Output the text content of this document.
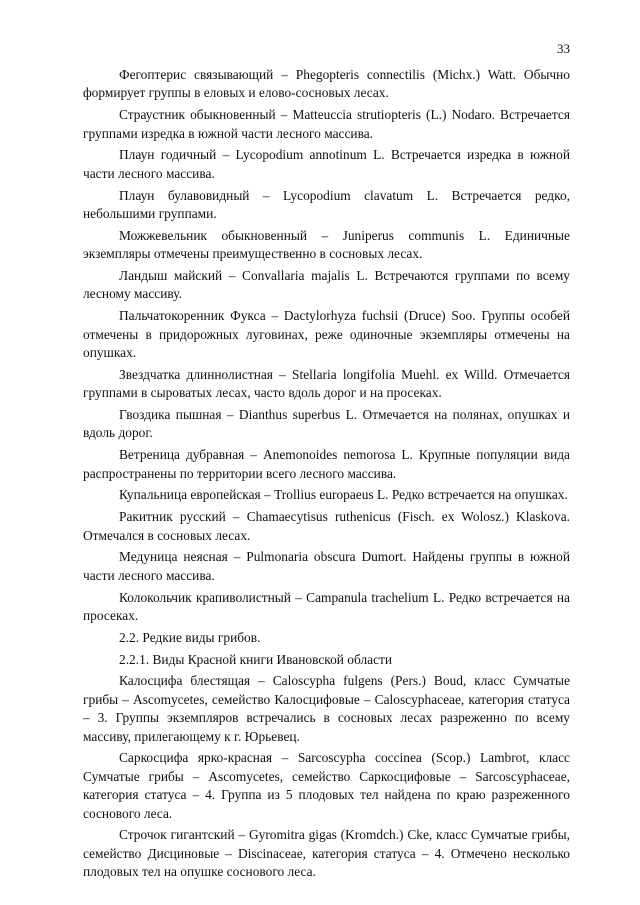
33

Фегоптерис связывающий – Phegopteris connectilis (Michx.) Watt. Обычно формирует группы в еловых и елово-сосновых лесах.

Страустник обыкновенный – Matteuccia strutiopteris (L.) Nodaro. Встречается группами изредка в южной части лесного массива.

Плаун годичный – Lycopodium annotinum L. Встречается изредка в южной части лесного массива.

Плаун булавовидный – Lycopodium clavatum L. Встречается редко, небольшими группами.

Можжевельник обыкновенный – Juniperus communis L. Единичные экземпляры отмечены преимущественно в сосновых лесах.

Ландыш майский – Convallaria majalis L. Встречаются группами по всему лесному массиву.

Пальчатокоренник Фукса – Dactylorhyza fuchsii (Druce) Soo. Группы особей отмечены в придорожных луговинах, реже одиночные экземпляры отмечены на опушках.

Звездчатка длиннолистная – Stellaria longifolia Muehl. ex Willd. Отмечается группами в сыроватых лесах, часто вдоль дорог и на просеках.

Гвоздика пышная – Dianthus superbus L. Отмечается на полянах, опушках и вдоль дорог.

Ветреница дубравная – Anemonoides nemorosa L. Крупные популяции вида распространены по территории всего лесного массива.

Купальница европейская – Trollius europaeus L. Редко встречается на опушках.

Ракитник русский – Chamaecytisus ruthenicus (Fisch. ex Wolosz.) Klaskova. Отмечался в сосновых лесах.

Медуница неясная – Pulmonaria obscura Dumort. Найдены группы в южной части лесного массива.

Колокольчик крапиволистный – Campanula trachelium L. Редко встречается на просеках.

2.2. Редкие виды грибов.

2.2.1. Виды Красной книги Ивановской области

Калосцифа блестящая – Caloscypha fulgens (Pers.) Boud, класс Сумчатые грибы – Ascomycetes, семейство Калосцифовые – Caloscyphaceae, категория статуса – 3. Группы экземпляров встречались в сосновых лесах разреженно по всему массиву, прилегающему к г. Юрьевец.

Саркосцифа ярко-красная – Sarcoscypha coccinea (Scop.) Lambrot, класс Сумчатые грибы – Ascomycetes, семейство Саркосцифовые – Sarcoscyphaceae, категория статуса – 4. Группа из 5 плодовых тел найдена по краю разреженного соснового леса.

Строчок гигантский – Gyromitra gigas (Kromdch.) Cke, класс Сумчатые грибы, семейство Дисциновые – Discinaceae, категория статуса – 4. Отмечено несколько плодовых тел на опушке соснового леса.
